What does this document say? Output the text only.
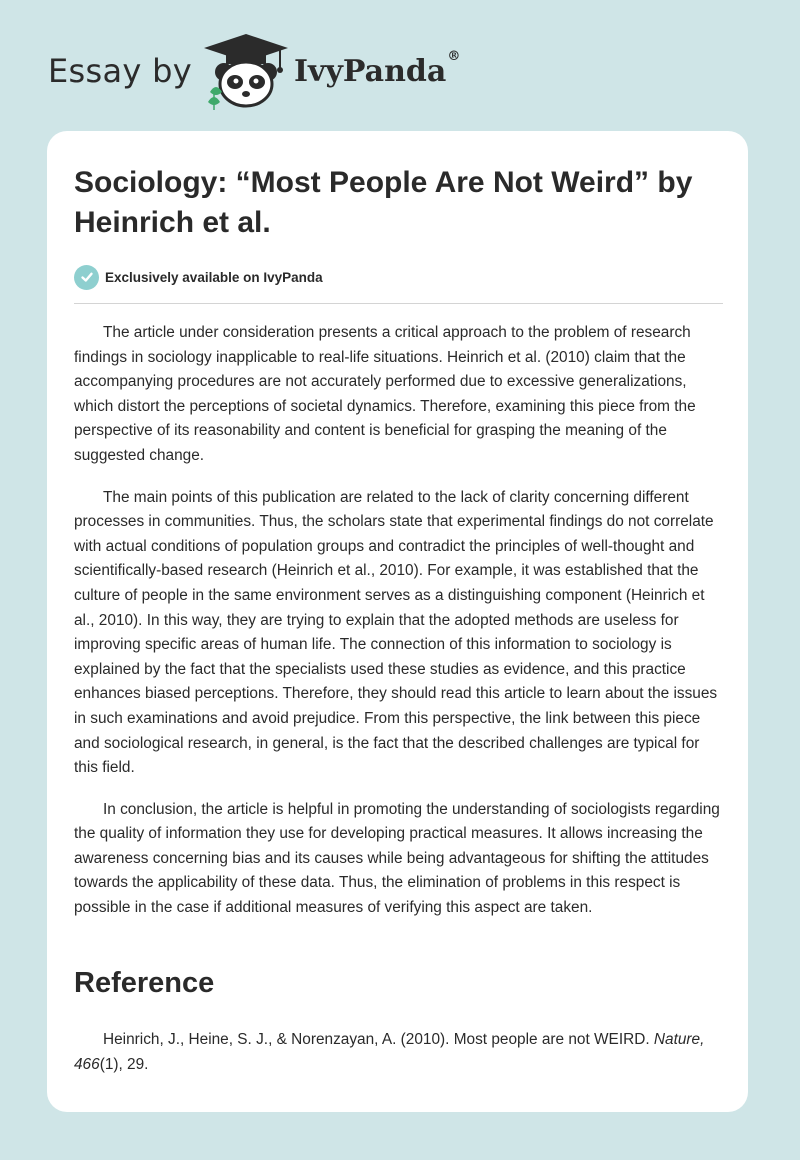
Essay by	IvyPanda®
Sociology: “Most People Are Not Weird” by Heinrich et al.
Exclusively available on IvyPanda

The article under consideration presents a critical approach to the problem of research findings in sociology inapplicable to real-life situations. Heinrich et al. (2010) claim that the accompanying procedures are not accurately performed due to excessive generalizations, which distort the perceptions of societal dynamics. Therefore, examining this piece from the perspective of its reasonability and content is beneficial for grasping the meaning of the suggested change.

The main points of this publication are related to the lack of clarity concerning different processes in communities. Thus, the scholars state that experimental findings do not correlate with actual conditions of population groups and contradict the principles of well-thought and scientifically-based research (Heinrich et al., 2010). For example, it was established that the culture of people in the same environment serves as a distinguishing component (Heinrich et al., 2010). In this way, they are trying to explain that the adopted methods are useless for improving specific areas of human life. The connection of this information to sociology is explained by the fact that the specialists used these studies as evidence, and this practice enhances biased perceptions. Therefore, they should read this article to learn about the issues in such examinations and avoid prejudice. From this perspective, the link between this piece and sociological research, in general, is the fact that the described challenges are typical for this field.

In conclusion, the article is helpful in promoting the understanding of sociologists regarding the quality of information they use for developing practical measures. It allows increasing the awareness concerning bias and its causes while being advantageous for shifting the attitudes towards the applicability of these data. Thus, the elimination of problems in this respect is possible in the case if additional measures of verifying this aspect are taken.

Reference

Heinrich, J., Heine, S. J., & Norenzayan, A. (2010). Most people are not WEIRD. Nature, 466(1), 29.
